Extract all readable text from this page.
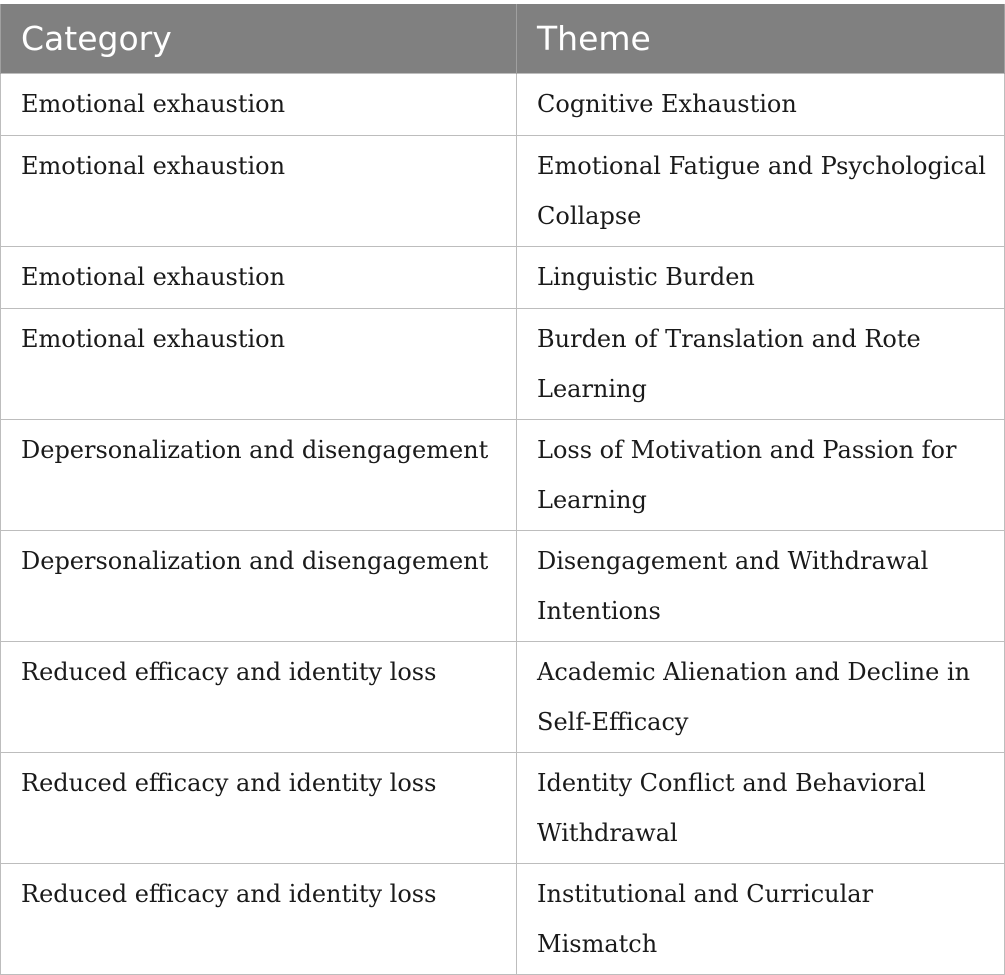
Category	Theme
Emotional exhaustion	Cognitive Exhaustion
Emotional exhaustion	Emotional Fatigue and Psychological Collapse
Emotional exhaustion	Linguistic Burden
Emotional exhaustion	Burden of Translation and Rote Learning
Depersonalization and disengagement	Loss of Motivation and Passion for Learning
Depersonalization and disengagement	Disengagement and Withdrawal Intentions
Reduced efficacy and identity loss	Academic Alienation and Decline in Self-Efficacy
Reduced efficacy and identity loss	Identity Conflict and Behavioral Withdrawal
Reduced efficacy and identity loss	Institutional and Curricular Mismatch
